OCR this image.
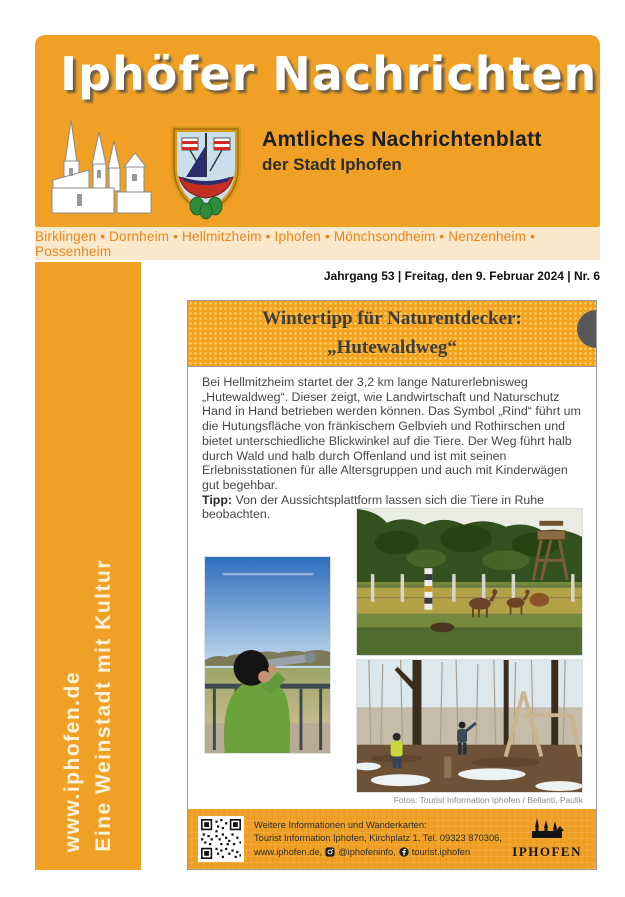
Iphöfer Nachrichten
Amtliches Nachrichtenblatt
der Stadt Iphofen
Birklingen • Dornheim • Hellmitzheim • Iphofen • Mönchsondheim • Nenzenheim • Possenheim
Jahrgang 53 | Freitag, den 9. Februar 2024 | Nr. 6
www.iphofen.de Eine Weinstadt mit Kultur
Wintertipp für Naturentdecker:
„Hutewaldweg“
Bei Hellmitzheim startet der 3,2 km lange Naturerlebnisweg „Hutewaldweg“. Dieser zeigt, wie Landwirtschaft und Naturschutz Hand in Hand betrieben werden können. Das Symbol „Rind“ führt um die Hutungsfläche von fränkischem Gelbvieh und Rothirschen und bietet unterschiedliche Blickwinkel auf die Tiere. Der Weg führt halb durch Wald und halb durch Offenland und ist mit seinen Erlebnisstationen für alle Altersgruppen und auch mit Kinderwägen gut begehbar.
Tipp: Von der Aussichtsplattform lassen sich die Tiere in Ruhe beobachten.
Fotos: Tourist Information Iphofen / Bellanti, Paulik
Weitere Informationen und Wanderkarten:
Tourist Information Iphofen, Kirchplatz 1, Tel. 09323 870306,
www.iphofen.de, @iphofeninfo, tourist.iphofen	IPHOFEN
